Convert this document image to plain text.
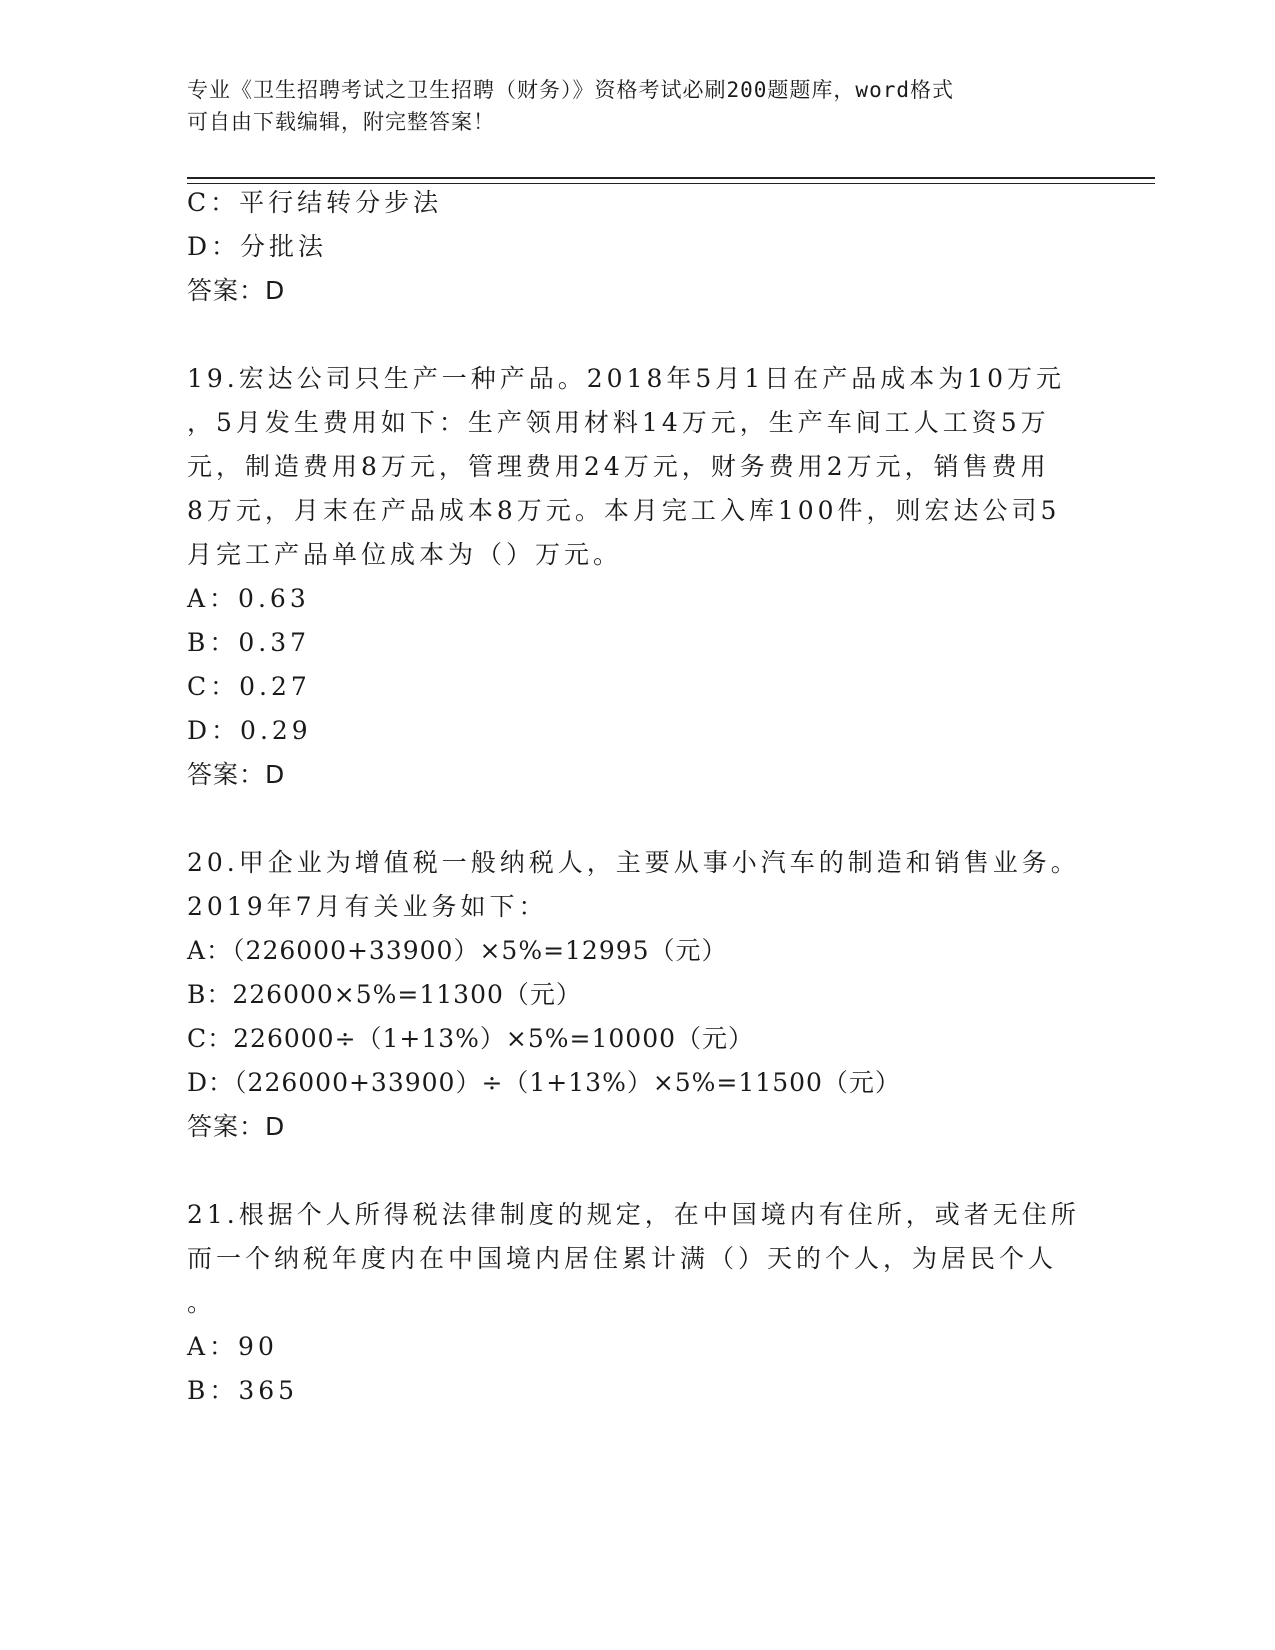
专业《卫生招聘考试之卫生招聘（财务）》资格考试必刷200题题库，word格式
可自由下载编辑，附完整答案！
C：平行结转分步法
D：分批法
答案：D
19.宏达公司只生产一种产品。2018年5月1日在产品成本为10万元
，5月发生费用如下：生产领用材料14万元，生产车间工人工资5万
元，制造费用8万元，管理费用24万元，财务费用2万元，销售费用
8万元，月末在产品成本8万元。本月完工入库100件，则宏达公司5
月完工产品单位成本为（）万元。
A：0.63
B：0.37
C：0.27
D：0.29
答案：D
20.甲企业为增值税一般纳税人，主要从事小汽车的制造和销售业务。
2019年7月有关业务如下：
A：（226000+33900）×5%=12995（元）
B：226000×5%=11300（元）
C：226000÷（1+13%）×5%=10000（元）
D：（226000+33900）÷（1+13%）×5%=11500（元）
答案：D
21.根据个人所得税法律制度的规定，在中国境内有住所，或者无住所
而一个纳税年度内在中国境内居住累计满（）天的个人，为居民个人
。
A：90
B：365
